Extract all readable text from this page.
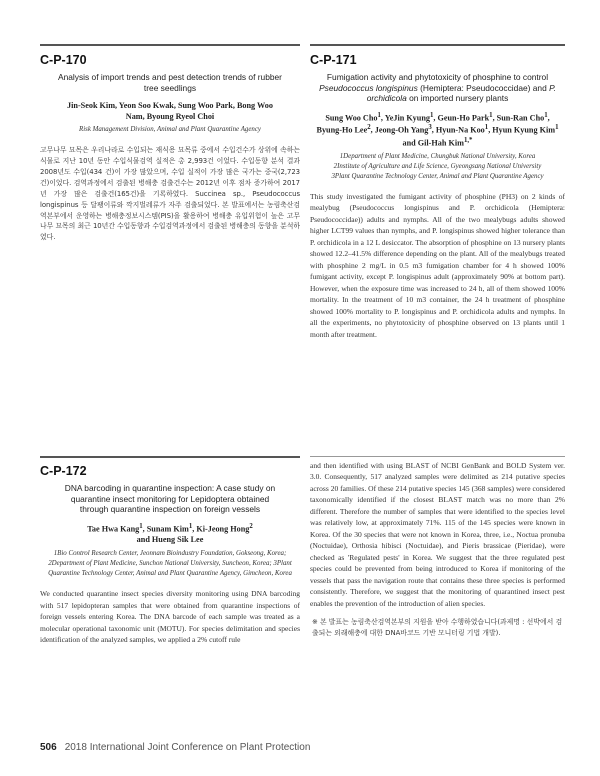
C-P-170
Analysis of import trends and pest detection trends of rubber tree seedlings
Jin-Seok Kim, Yeon Soo Kwak, Sung Woo Park, Bong Woo Nam, Byoung Ryeol Choi
Risk Management Division, Animal and Plant Quarantine Agency

고무나무 묘목은 우리나라로 수입되는 재식용 묘목류 중에서 수입건수가 상위에 속하는 식물로 지난 10년 동안 수입식물검역 실적은 총 2,993건 이었다. 수입동향 분석 결과 2008년도 수입(434 건)이 가장 많았으며, 수입 실적이 가장 많은 국가는 중국(2,723 건)이었다. 검역과정에서 검출된 병해충 검출건수는 2012년 이후 점차 증가하여 2017년 가장 많은 검출건(165건)을 기록하였다. Succinea sp., Pseudococcus longispinus 등 달팽이류와 깍지벌레류가 자주 검출되었다. 본 발표에서는 농림축산검역본부에서 운영하는 병해충정보시스템(PIS)을 활용하여 병해충 유입위험이 높은 고무나무 묘목의 최근 10년간 수입동향과 수입검역과정에서 검출된 병해충의 동향을 분석하였다.

C-P-171
Fumigation activity and phytotoxicity of phosphine to control Pseudococcus longispinus (Hemiptera: Pseudococcidae) and P. orchidicola on imported nursery plants
Sung Woo Cho$^1$, YeJin Kyung$^1$, Geun-Ho Park$^1$, Sun-Ran Cho$^1$, Byung-Ho Lee$^2$, Jeong-Oh Yang$^3$, Hyun-Na Koo$^1$, Hyun Kyung Kim$^1$ and Gil-Hah Kim$^{1,*}$
1Department of Plant Medicine, Chungbuk National University, Korea
2Institute of Agriculture and Life Science, Gyeongsang National University
3Plant Quarantine Technology Center, Animal and Plant Quarantine Agency

This study investigated the fumigant activity of phosphine (PH3) on 2 kinds of mealybug (Pseudococcus longispinus and P. orchidicola (Hemiptera: Pseudococcidae)) adults and nymphs. All of the two mealybugs adults showed higher LCT99 values than nymphs, and P. longispinus showed higher tolerance than P. orchidicola in a 12 L desiccator. The absorption of phosphine on 13 nursery plants showed 12.2–41.5% difference depending on the plant. All of the mealybugs treated with phosphine 2 mg/L in 0.5 m3 fumigation chamber for 4 h showed 100% fumigant activity, except P. longispinus adult (approximately 90% at bottom part). However, when the exposure time was increased to 24 h, all of them showed 100% mortality. In the treatment of 10 m3 container, the 24 h treatment of phosphine showed 100% mortality to P. longispinus and P. orchidicola adults and nymphs. In all the experiments, no phytotoxicity of phosphine observed on 13 plants until 1 month after treatment.

C-P-172
DNA barcoding in quarantine inspection: A case study on quarantine insect monitoring for Lepidoptera obtained through quarantine inspection on foreign vessels
Tae Hwa Kang$^1$, Sunam Kim$^1$, Ki-Jeong Hong$^2$ and Hueng Sik Lee
1Bio Control Research Center, Jeonnam Bioindustry Foundation, Gokseong, Korea; 2Department of Plant Medicine, Sunchon National University, Suncheon, Korea; 3Plant Quarantine Technology Center, Animal and Plant Quarantine Agency, Gimcheon, Korea

We conducted quarantine insect species diversity monitoring using DNA barcoding with 517 lepidopteran samples that were obtained from quarantine inspections of foreign vessels entering Korea. The DNA barcode of each sample was treated as a molecular operational taxonomic unit (MOTU). For species delimitation and species identification of the analyzed samples, we applied a 2% cutoff rule

and then identified with using BLAST of NCBI GenBank and BOLD System ver. 3.0. Consequently, 517 analyzed samples were delimited as 214 putative species across 20 families. Of these 214 putative species 145 (368 samples) were considered taxonomically identified if the closest BLAST match was no more than 2% different. Therefore the number of samples that were identified to the species level was relatively low, at approximately 71%. 115 of the 145 species were known in Korea. Of the 30 species that were not known in Korea, three, i.e., Noctua pronuba (Noctuidae), Orthosia hibisci (Noctuidae), and Pieris brassicae (Pieridae), were checked as 'Regulated pests' in Korea. We suggest that the three regulated pest species could be prevented from being introduced to Korea if monitoring of the vessels that pass the navigation route that contains these three species is performed consistently. Therefore, we suggest that the monitoring of quarantined insect pest enables the prevention of the introduction of alien species.

※ 본 발표는 농림축산검역본부의 지원을 받아 수행하였습니다(과제명 : 선박에서 검출되는 외래해충에 대한 DNA바코드 기반 모니터링 기법 개발).

506 2018 International Joint Conference on Plant Protection
